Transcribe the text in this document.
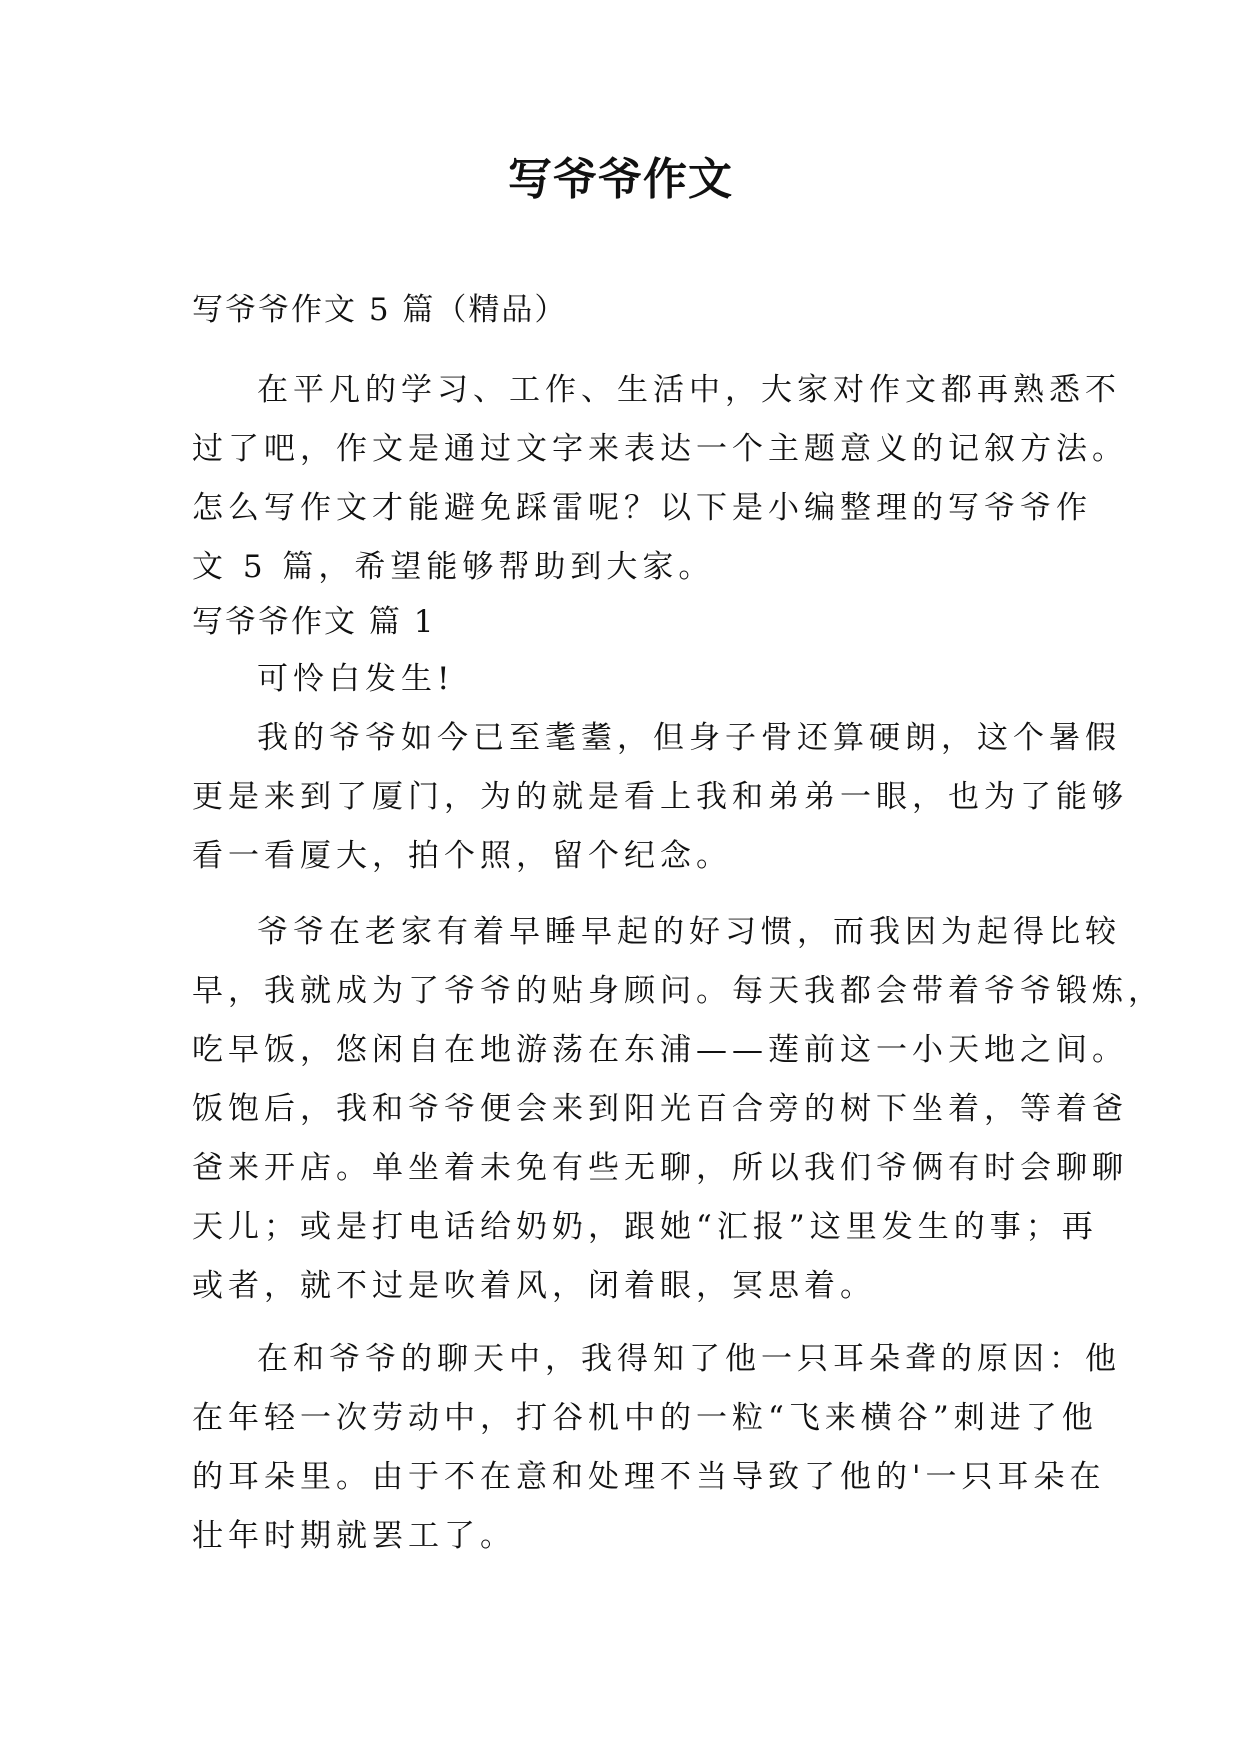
写爷爷作文
写爷爷作文 5 篇（精品）
在平凡的学习、工作、生活中，大家对作文都再熟悉不
过了吧，作文是通过文字来表达一个主题意义的记叙方法。
怎么写作文才能避免踩雷呢？以下是小编整理的写爷爷作
文 5 篇，希望能够帮助到大家。
写爷爷作文 篇 1
可怜白发生!
我的爷爷如今已至耄耋，但身子骨还算硬朗，这个暑假
更是来到了厦门，为的就是看上我和弟弟一眼，也为了能够
看一看厦大，拍个照，留个纪念。
爷爷在老家有着早睡早起的好习惯，而我因为起得比较
早，我就成为了爷爷的贴身顾问。每天我都会带着爷爷锻炼，
吃早饭，悠闲自在地游荡在东浦——莲前这一小天地之间。
饭饱后，我和爷爷便会来到阳光百合旁的树下坐着，等着爸
爸来开店。单坐着未免有些无聊，所以我们爷俩有时会聊聊
天儿；或是打电话给奶奶，跟她“汇报”这里发生的事；再
或者，就不过是吹着风，闭着眼，冥思着。
在和爷爷的聊天中，我得知了他一只耳朵聋的原因：他
在年轻一次劳动中，打谷机中的一粒“飞来横谷”刺进了他
的耳朵里。由于不在意和处理不当导致了他的'一只耳朵在
壮年时期就罢工了。
